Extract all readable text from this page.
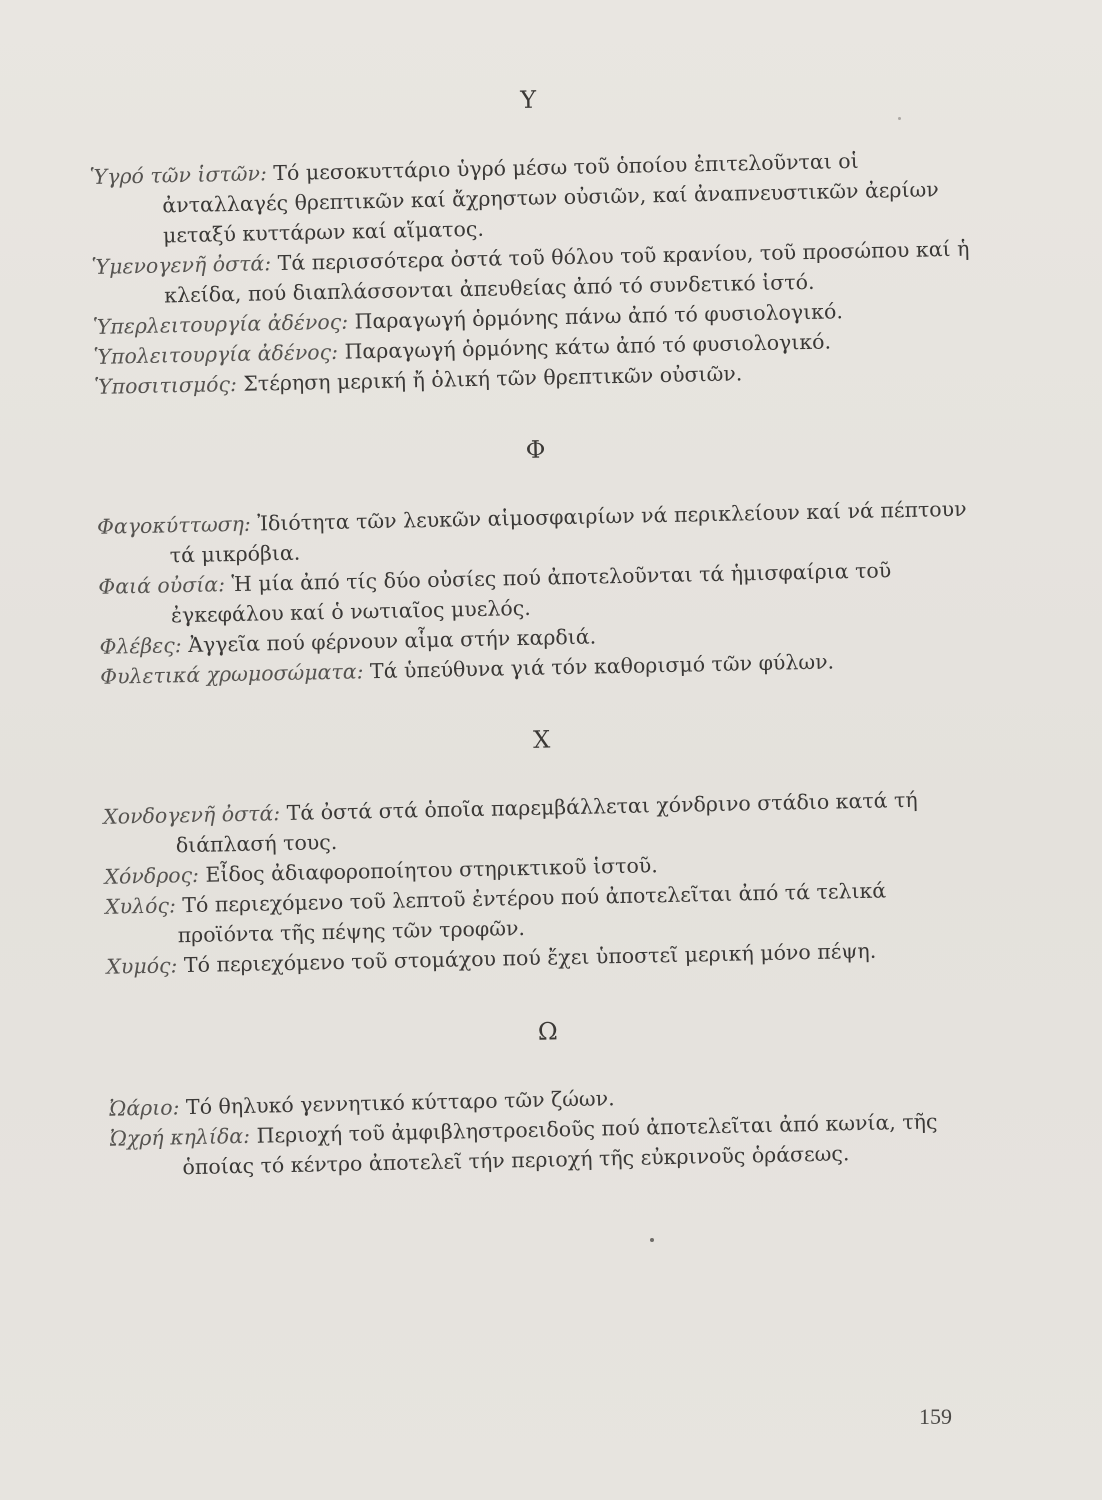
Υ

Ὑγρό τῶν ἱστῶν: Τό μεσοκυττάριο ὑγρό μέσω τοῦ ὁποίου ἐπιτελοῦνται οἱ ἀνταλλαγές θρεπτικῶν καί ἄχρηστων οὐσιῶν, καί ἀναπνευστικῶν ἀερίων μεταξύ κυττάρων καί αἵματος.

Ὑμενογενῆ ὀστά: Τά περισσότερα ὀστά τοῦ θόλου τοῦ κρανίου, τοῦ προσώπου καί ἡ κλείδα, πού διαπλάσσονται ἀπευθείας ἀπό τό συνδετικό ἱστό.

Ὑπερλειτουργία ἀδένος: Παραγωγή ὁρμόνης πάνω ἀπό τό φυσιολογικό.

Ὑπολειτουργία ἀδένος: Παραγωγή ὁρμόνης κάτω ἀπό τό φυσιολογικό.

Ὑποσιτισμός: Στέρηση μερική ἤ ὁλική τῶν θρεπτικῶν οὐσιῶν.

Φ

Φαγοκύττωση: Ἰδιότητα τῶν λευκῶν αἱμοσφαιρίων νά περικλείουν καί νά πέπτουν τά μικρόβια.

Φαιά οὐσία: Ἡ μία ἀπό τίς δύο οὐσίες πού ἀποτελοῦνται τά ἡμισφαίρια τοῦ ἐγκεφάλου καί ὁ νωτιαῖος μυελός.

Φλέβες: Ἀγγεῖα πού φέρνουν αἷμα στήν καρδιά.

Φυλετικά χρωμοσώματα: Τά ὑπεύθυνα γιά τόν καθορισμό τῶν φύλων.

Χ

Χονδογενῆ ὀστά: Τά ὀστά στά ὁποῖα παρεμβάλλεται χόνδρινο στάδιο κατά τή διάπλασή τους.

Χόνδρος: Εἶδος ἀδιαφοροποίητου στηρικτικοῦ ἱστοῦ.

Χυλός: Τό περιεχόμενο τοῦ λεπτοῦ ἐντέρου πού ἀποτελεῖται ἀπό τά τελικά προϊόντα τῆς πέψης τῶν τροφῶν.

Χυμός: Τό περιεχόμενο τοῦ στομάχου πού ἔχει ὑποστεῖ μερική μόνο πέψη.

Ω

Ὠάριο: Τό θηλυκό γεννητικό κύτταρο τῶν ζώων.

Ὠχρή κηλίδα: Περιοχή τοῦ ἀμφιβληστροειδοῦς πού ἀποτελεῖται ἀπό κωνία, τῆς ὁποίας τό κέντρο ἀποτελεῖ τήν περιοχή τῆς εὐκρινοῦς ὁράσεως.

159
